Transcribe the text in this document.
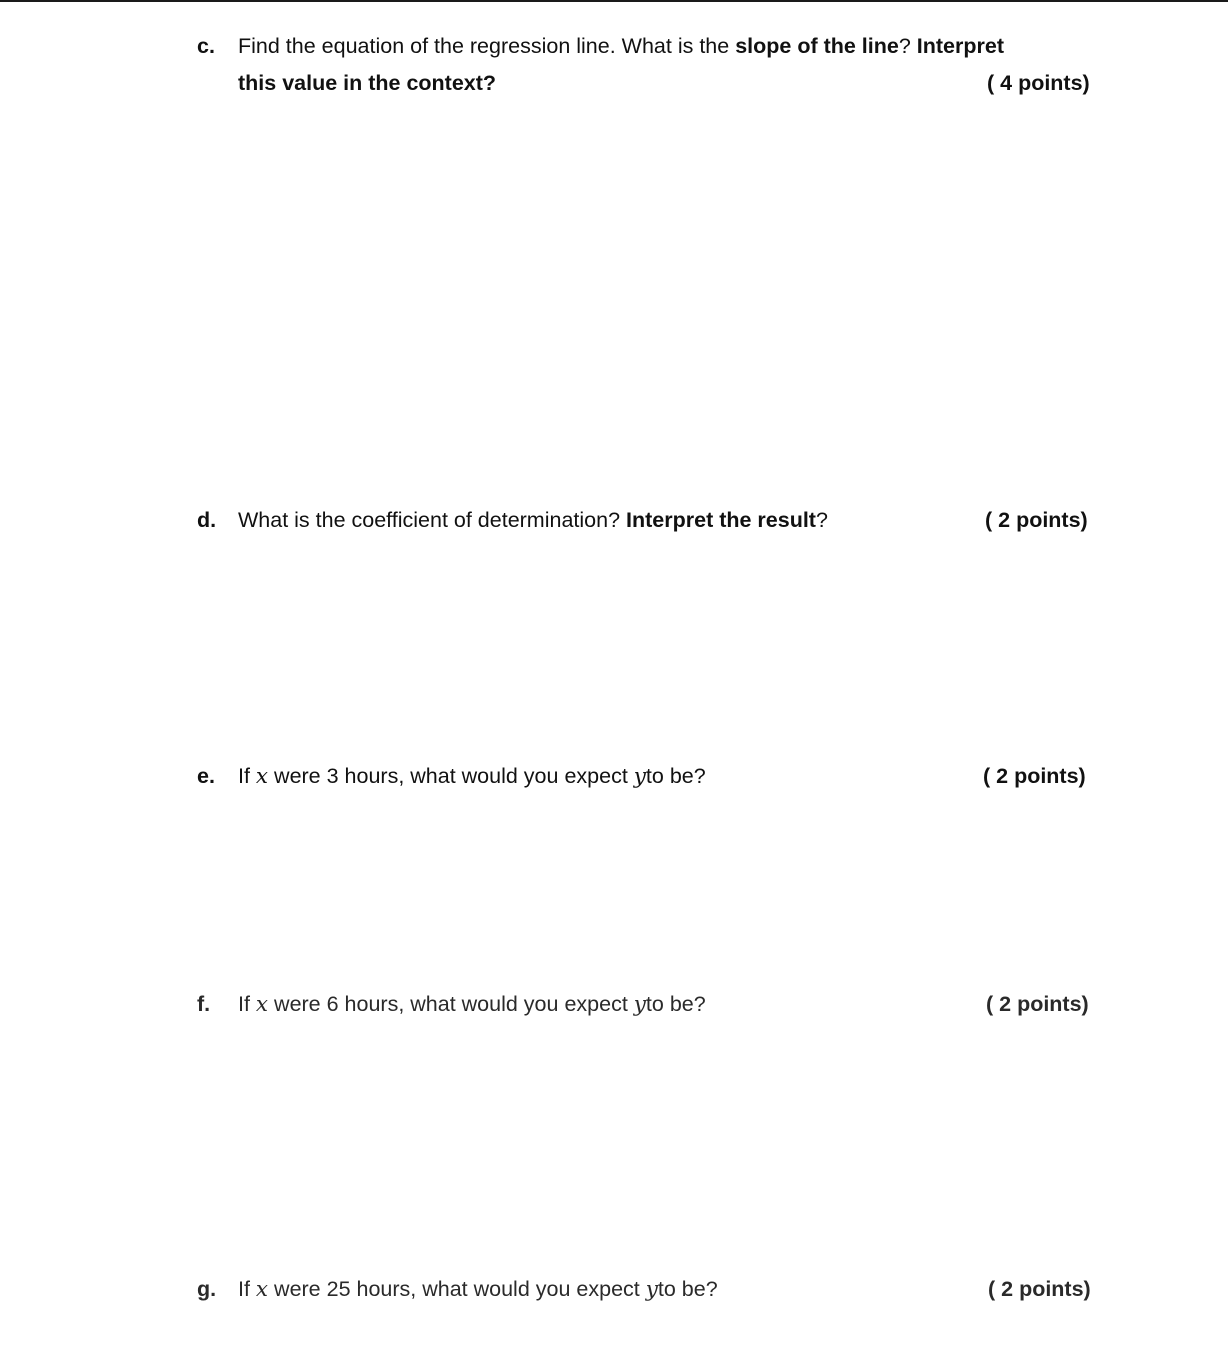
c. Find the equation of the regression line. What is the slope of the line? Interpret
this value in the context?	( 4 points)
d. What is the coefficient of determination? Interpret the result?	( 2 points)
e. If x were 3 hours, what would you expect yto be?	( 2 points)
f. If x were 6 hours, what would you expect yto be?	( 2 points)
g. If x were 25 hours, what would you expect yto be?	( 2 points)
